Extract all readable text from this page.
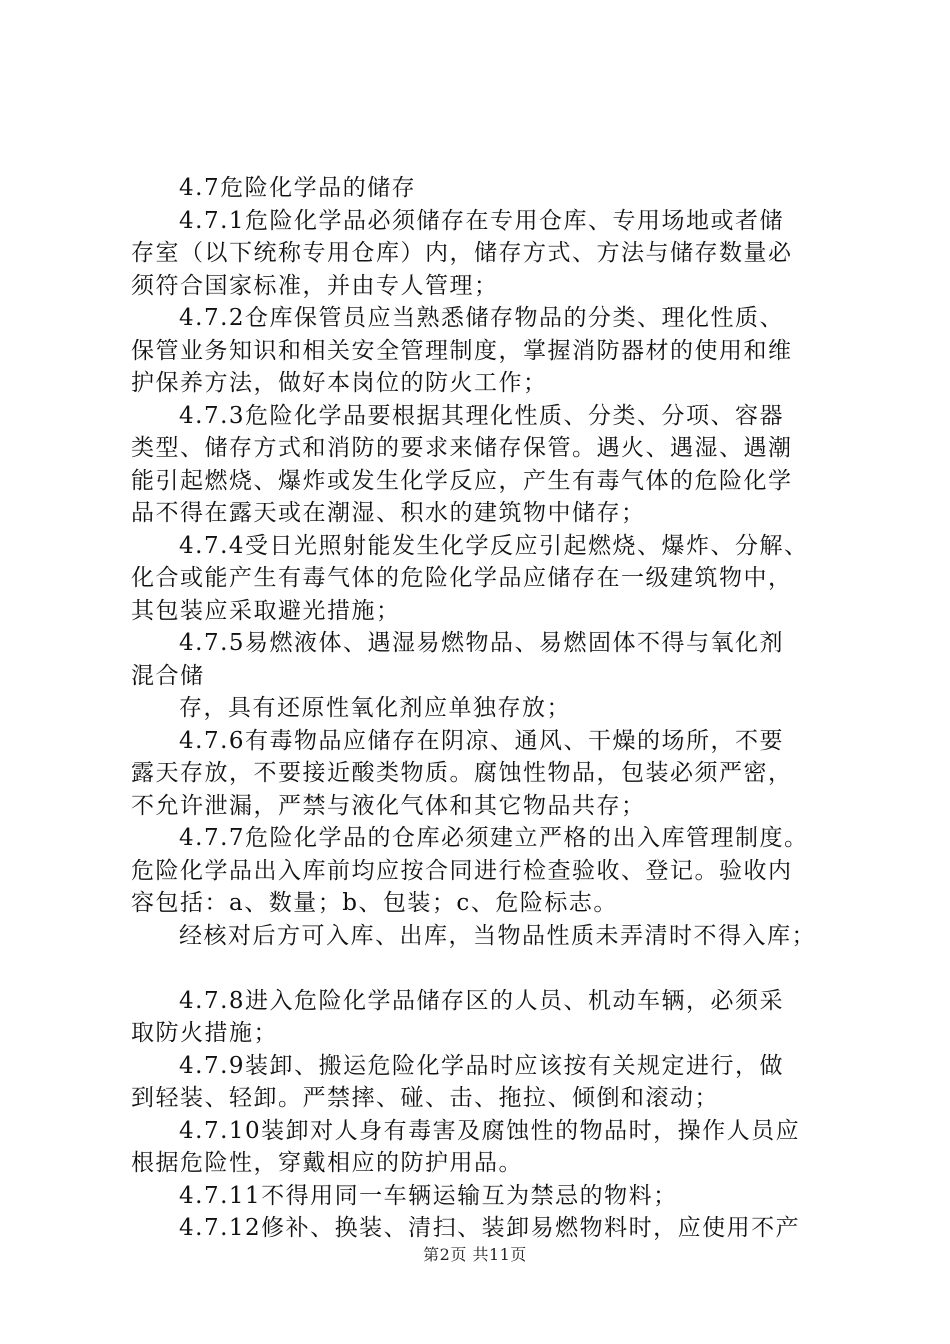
4.7危险化学品的储存
4.7.1危险化学品必须储存在专用仓库、专用场地或者储
存室（以下统称专用仓库）内，储存方式、方法与储存数量必
须符合国家标准，并由专人管理；
4.7.2仓库保管员应当熟悉储存物品的分类、理化性质、
保管业务知识和相关安全管理制度，掌握消防器材的使用和维
护保养方法，做好本岗位的防火工作；
4.7.3危险化学品要根据其理化性质、分类、分项、容器
类型、储存方式和消防的要求来储存保管。遇火、遇湿、遇潮
能引起燃烧、爆炸或发生化学反应，产生有毒气体的危险化学
品不得在露天或在潮湿、积水的建筑物中储存；
4.7.4受日光照射能发生化学反应引起燃烧、爆炸、分解、
化合或能产生有毒气体的危险化学品应储存在一级建筑物中，
其包装应采取避光措施；
4.7.5易燃液体、遇湿易燃物品、易燃固体不得与氧化剂
混合储
存，具有还原性氧化剂应单独存放；
4.7.6有毒物品应储存在阴凉、通风、干燥的场所，不要
露天存放，不要接近酸类物质。腐蚀性物品，包装必须严密，
不允许泄漏，严禁与液化气体和其它物品共存；
4.7.7危险化学品的仓库必须建立严格的出入库管理制度。
危险化学品出入库前均应按合同进行检查验收、登记。验收内
容包括：a、数量；b、包装；c、危险标志。
经核对后方可入库、出库，当物品性质未弄清时不得入库；
4.7.8进入危险化学品储存区的人员、机动车辆，必须采
取防火措施；
4.7.9装卸、搬运危险化学品时应该按有关规定进行，做
到轻装、轻卸。严禁摔、碰、击、拖拉、倾倒和滚动；
4.7.10装卸对人身有毒害及腐蚀性的物品时，操作人员应
根据危险性，穿戴相应的防护用品。
4.7.11不得用同一车辆运输互为禁忌的物料；
4.7.12修补、换装、清扫、装卸易燃物料时，应使用不产
第2页 共11页
